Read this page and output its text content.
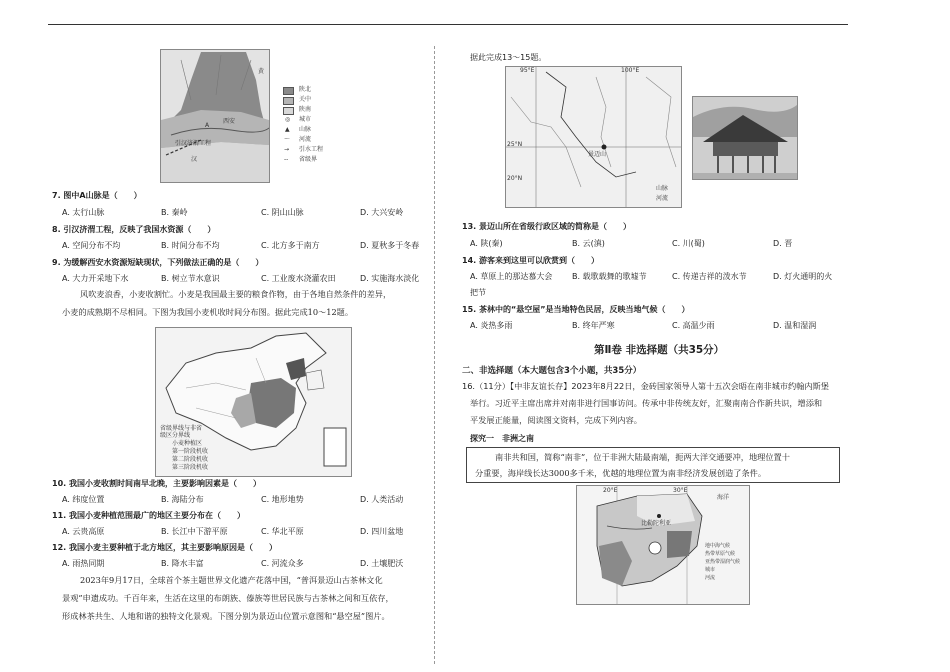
黄
西安
引汉济渭工程
汉
A
陕北
关中
陕南
◎ 城市
▲ 山脉
～ 河流
→ 引水工程
-- 省级界
7. 图中A山脉是（　　）
A. 太行山脉	B. 秦岭	C. 阴山山脉	D. 大兴安岭
8. 引汉济渭工程，反映了我国水资源（　　）
A. 空间分布不均	B. 时间分布不均	C. 北方多于南方	D. 夏秋多于冬春
9. 为缓解西安水资源短缺现状，下列做法正确的是（　　）
A. 大力开采地下水	B. 树立节水意识	C. 工业废水浇灌农田	D. 实施海水淡化
风吹麦浪香，小麦收割忙。小麦是我国最主要的粮食作物，由于各地自然条件的差异，
小麦的成熟期不尽相同。下图为我国小麦机收时间分布图。据此完成10～12题。
省级界线与非省
级区分界线
小麦种植区
第一阶段机收
第二阶段机收
第三阶段机收
10. 我国小麦收割时间南早北晚，主要影响因素是（　　）
A. 纬度位置	B. 海陆分布	C. 地形地势	D. 人类活动
11. 我国小麦种植范围最广的地区主要分布在（　　）
A. 云贵高原	B. 长江中下游平原	C. 华北平原	D. 四川盆地
12. 我国小麦主要种植于北方地区，其主要影响原因是（　　）
A. 雨热同期	B. 降水丰富	C. 河流众多	D. 土壤肥沃
2023年9月17日，全球首个茶主题世界文化遗产花落中国，“普洱景迈山古茶林文化
景观”申遗成功。千百年来，生活在这里的布朗族、傣族等世居民族与古茶林之间和互依存，
形成林茶共生、人地和谐的独特文化景观。下图分别为景迈山位置示意图和“悬空屋”图片。
据此完成13～15题。
100°E
95°E
25°N
景迈山
山脉
河流
20°N
13. 景迈山所在省级行政区域的简称是（　　）
A. 陕(秦)	B. 云(滇)	C. 川(蜀)	D. 晋
14. 游客来到这里可以欣赏到（　　）
A. 草原上的那达慕大会 B. 载歌载舞的歌墟节	C. 传递吉祥的泼水节	D. 灯火通明的火
把节
15. 茶林中的“悬空屋”是当地特色民居，反映当地气候（　　）
A. 炎热多雨	B. 终年严寒	C. 高温少雨	D. 温和湿润
第Ⅱ卷 非选择题（共35分）
二、非选择题（本大题包含3个小题，共35分）
16.（11分）【中非友谊长存】2023年8月22日，金砖国家领导人第十五次会晤在南非城市约翰内斯堡
举行。习近平主席出席并对南非进行国事访问。传承中非传统友好，汇聚南南合作新共识，增添和
平发展正能量，阅读图文资料，完成下列内容。
探究一　非洲之南
南非共和国，简称“南非”，位于非洲大陆最南端，扼两大洋交通要冲，地理位置十
分重要，海岸线长达3000多千米，优越的地理位置为南非经济发展创造了条件。
20°E	30°E
比勒陀利亚
海洋
地中海气候
热带草原气候
亚热带湿润气候
城市
河流
